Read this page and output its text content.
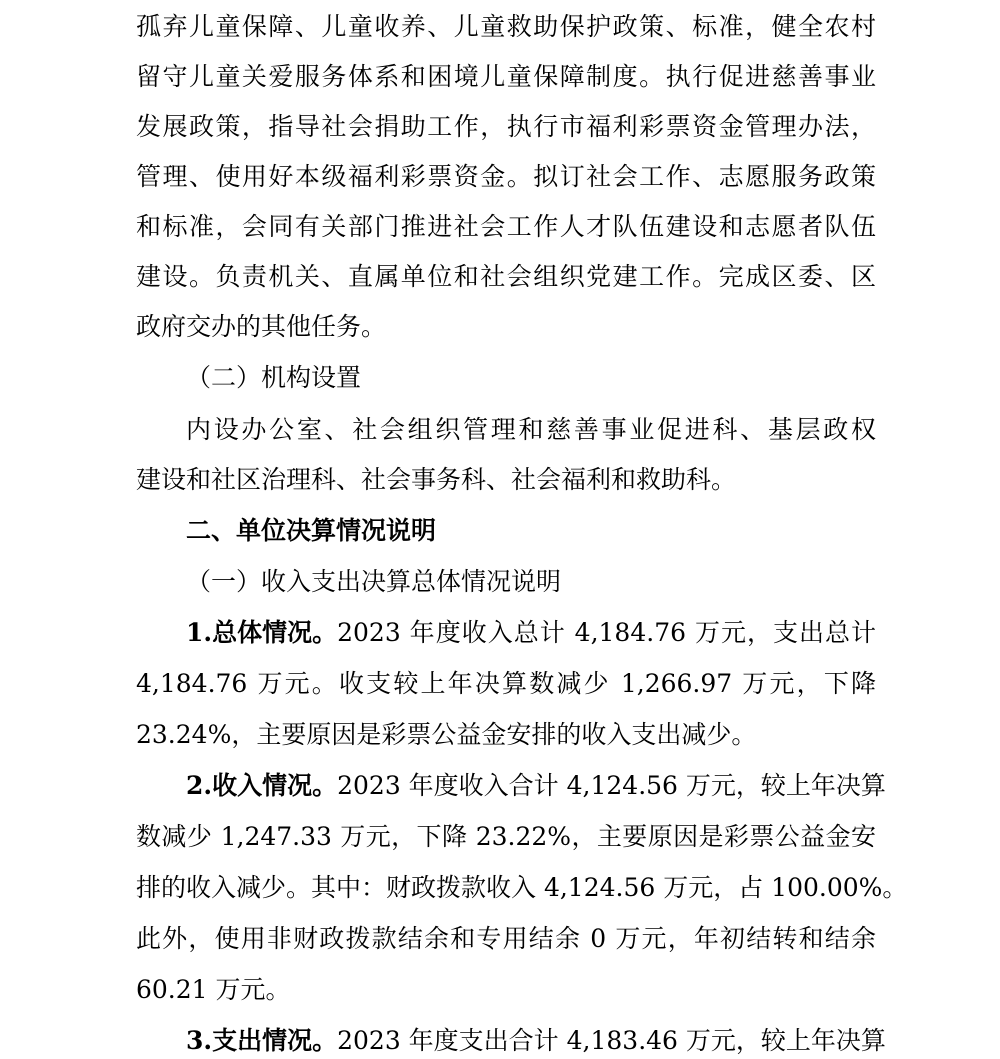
孤弃儿童保障、儿童收养、儿童救助保护政策、标准，健全农村
留守儿童关爱服务体系和困境儿童保障制度。执行促进慈善事业
发展政策，指导社会捐助工作，执行市福利彩票资金管理办法，
管理、使用好本级福利彩票资金。拟订社会工作、志愿服务政策
和标准，会同有关部门推进社会工作人才队伍建设和志愿者队伍
建设。负责机关、直属单位和社会组织党建工作。完成区委、区
政府交办的其他任务。
（二）机构设置
内设办公室、社会组织管理和慈善事业促进科、基层政权
建设和社区治理科、社会事务科、社会福利和救助科。
二、单位决算情况说明
（一）收入支出决算总体情况说明
1.总体情况。 2023 年度收入总计 4,184.76 万元，支出总计
4,184.76 万元。收支较上年决算数减少 1,266.97 万元，下降
23.24%，主要原因是彩票公益金安排的收入支出减少。
2.收入情况。 2023 年度收入合计 4,124.56 万元，较上年决算
数减少 1,247.33 万元，下降 23.22%，主要原因是彩票公益金安
排的收入减少。其中：财政拨款收入 4,124.56 万元，占 100.00%。
此外，使用非财政拨款结余和专用结余 0 万元，年初结转和结余
60.21 万元。
3.支出情况。 2023 年度支出合计 4,183.46 万元，较上年决算
